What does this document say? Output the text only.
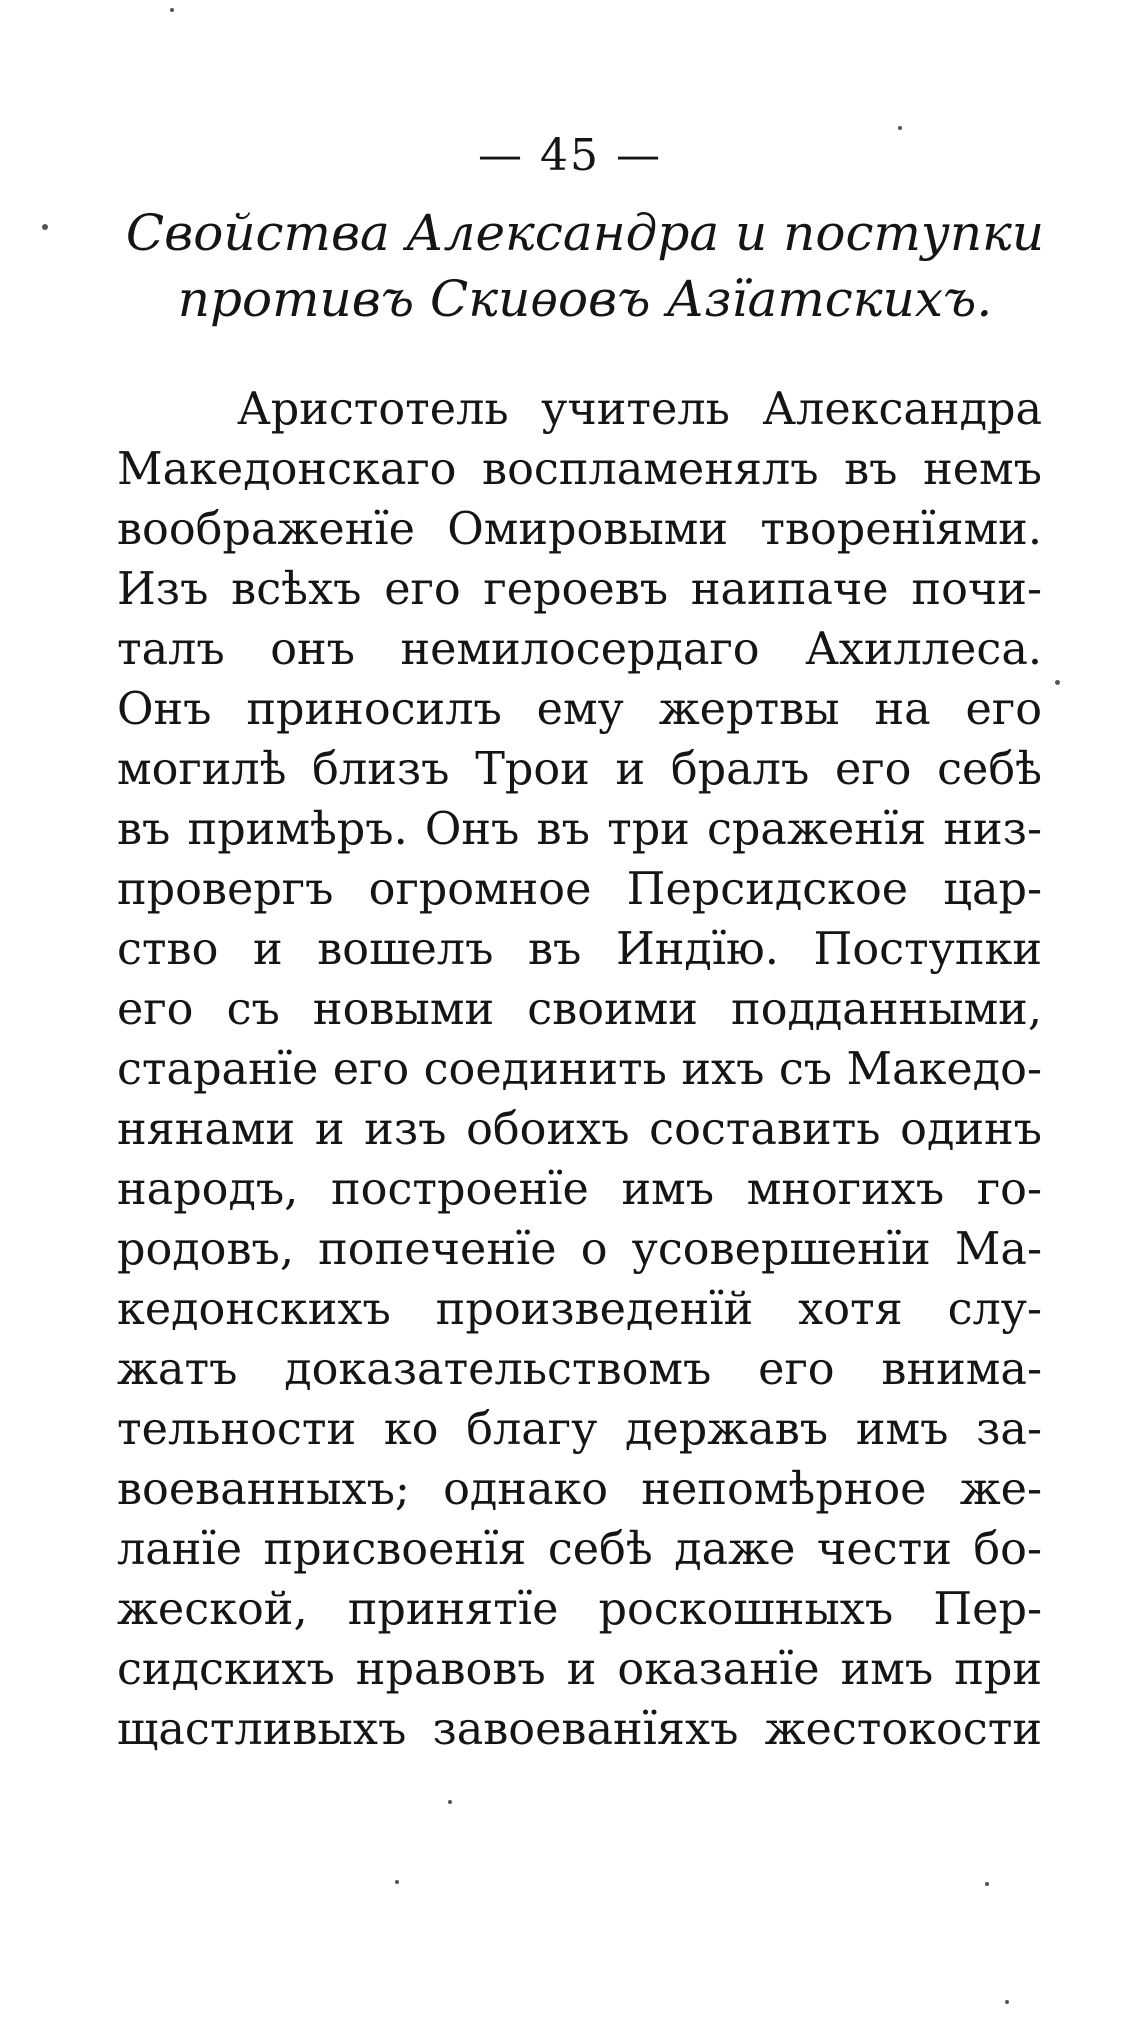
— 45 —
Свойства Александра и поступки
противъ Скиѳовъ Азїатскихъ.
Аристотель учитель Александра
Македонскаго воспламенялъ въ немъ
воображенїе Омировыми творенїями.
Изъ всѣхъ его героевъ наипаче почи-
талъ онъ немилосердаго Ахиллеса.
Онъ приносилъ ему жертвы на его
могилѣ близъ Трои и бралъ его себѣ
въ примѣръ. Онъ въ три сраженїя низ-
провергъ огромное Персидское цар-
ство и вошелъ въ Индїю. Поступки
его съ новыми своими подданными,
старанїе его соединить ихъ съ Македо-
нянами и изъ обоихъ составить одинъ
народъ, построенїе имъ многихъ го-
родовъ, попеченїе о усовершенїи Ма-
кедонскихъ произведенїй хотя слу-
жатъ доказательствомъ его внима-
тельности ко благу державъ имъ за-
воеванныхъ; однако непомѣрное же-
ланїе присвоенїя себѣ даже чести бо-
жеской, принятїе роскошныхъ Пер-
сидскихъ нравовъ и оказанїе имъ при
щастливыхъ завоеванїяхъ жестокости
